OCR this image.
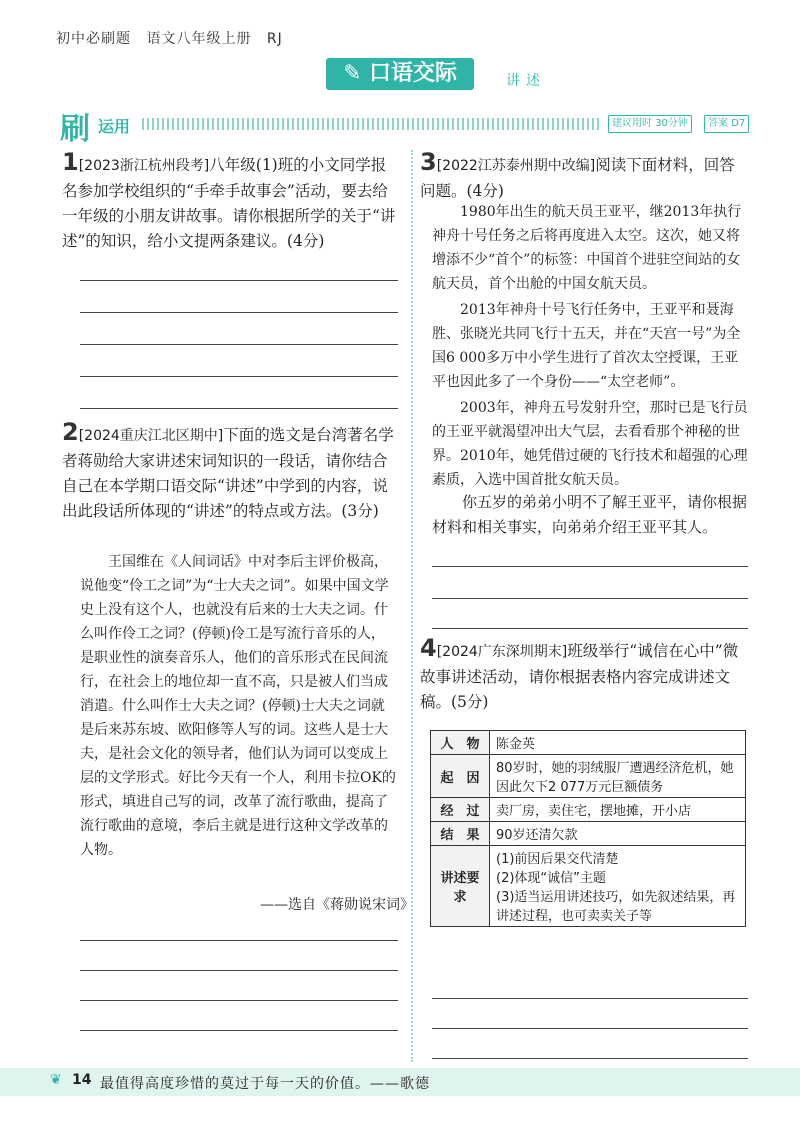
初中必刷题 语文八年级上册 RJ
✎ 口语交际	讲述
刷 运用	建议用时 30分钟	答案 D7
1[2023浙江杭州段考]八年级(1)班的小文同学报名参加学校组织的“手牵手故事会”活动，要去给一年级的小朋友讲故事。请你根据所学的关于“讲述”的知识，给小文提两条建议。(4分)
2[2024重庆江北区期中]下面的选文是台湾著名学者蒋勋给大家讲述宋词知识的一段话，请你结合自己在本学期口语交际“讲述”中学到的内容，说出此段话所体现的“讲述”的特点或方法。(3分)
王国维在《人间词话》中对李后主评价极高，说他变“伶工之词”为“士大夫之词”。如果中国文学史上没有这个人，也就没有后来的士大夫之词。什么叫作伶工之词？(停顿)伶工是写流行音乐的人，是职业性的演奏音乐人，他们的音乐形式在民间流行，在社会上的地位却一直不高，只是被人们当成消遣。什么叫作士大夫之词？(停顿)士大夫之词就是后来苏东坡、欧阳修等人写的词。这些人是士大夫，是社会文化的领导者，他们认为词可以变成上层的文学形式。好比今天有一个人，利用卡拉OK的形式，填进自己写的词，改革了流行歌曲，提高了流行歌曲的意境，李后主就是进行这种文学改革的人物。
——选自《蒋勋说宋词》
3[2022江苏泰州期中改编]阅读下面材料，回答问题。(4分)
1980年出生的航天员王亚平，继2013年执行神舟十号任务之后将再度进入太空。这次，她又将增添不少“首个”的标签：中国首个进驻空间站的女航天员，首个出舱的中国女航天员。
2013年神舟十号飞行任务中，王亚平和聂海胜、张晓光共同飞行十五天，并在“天宫一号”为全国6 000多万中小学生进行了首次太空授课，王亚平也因此多了一个身份——“太空老师”。
2003年，神舟五号发射升空，那时已是飞行员的王亚平就渴望冲出大气层，去看看那个神秘的世界。2010年，她凭借过硬的飞行技术和超强的心理素质，入选中国首批女航天员。
你五岁的弟弟小明不了解王亚平，请你根据材料和相关事实，向弟弟介绍王亚平其人。
4[2024广东深圳期末]班级举行“诚信在心中”微故事讲述活动，请你根据表格内容完成讲述文稿。(5分)
人　物	陈金英
起　因	80岁时，她的羽绒服厂遭遇经济危机，她因此欠下2 077万元巨额债务
经　过	卖厂房，卖住宅，摆地摊，开小店
结　果	90岁还清欠款
讲述要求	(1)前因后果交代清楚
(2)体现“诚信”主题
(3)适当运用讲述技巧，如先叙述结果，再讲述过程，也可卖卖关子等
❦ 14 最值得高度珍惜的莫过于每一天的价值。——歌德
